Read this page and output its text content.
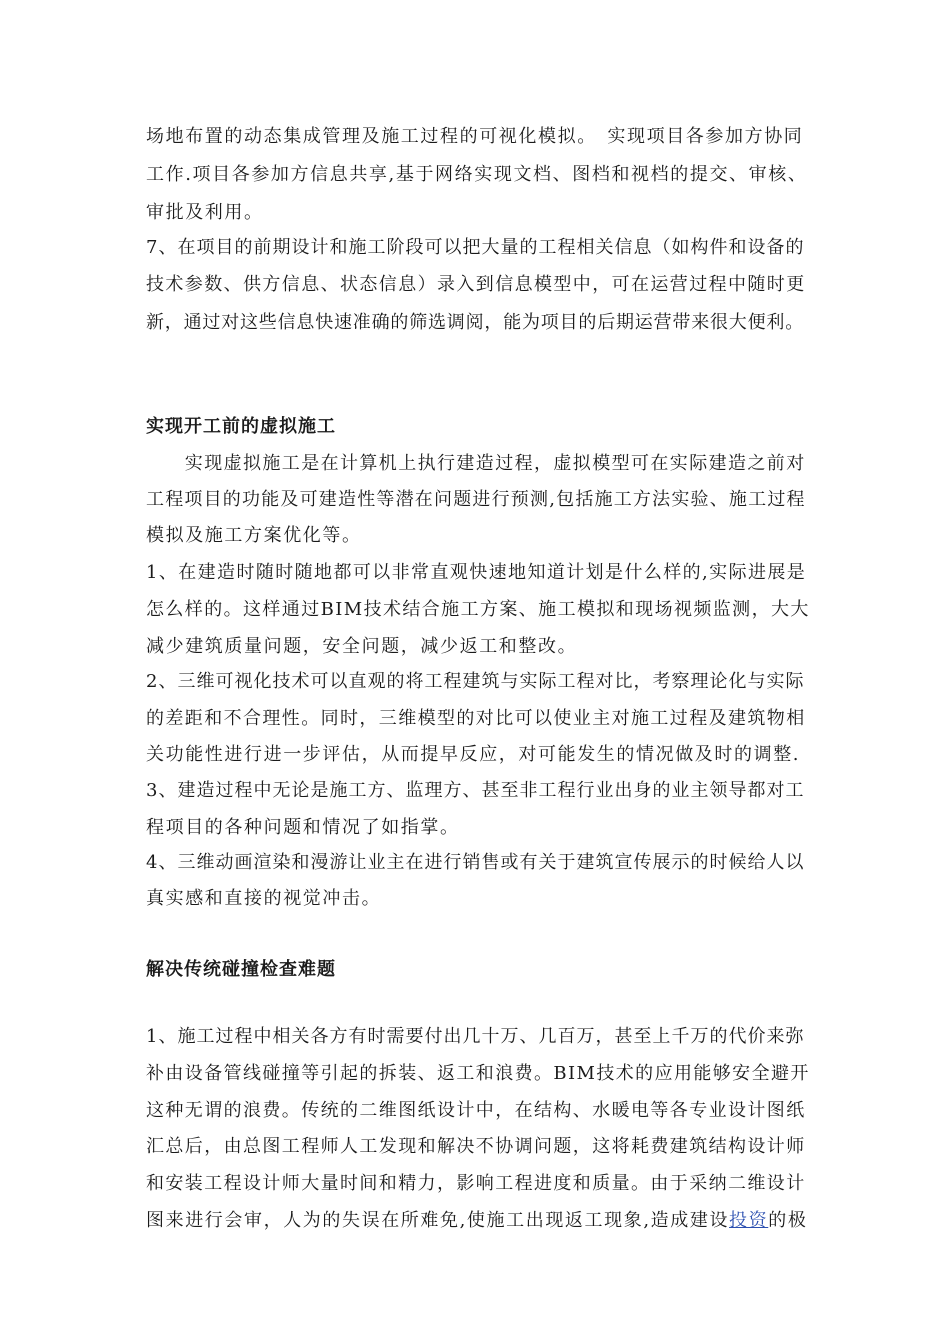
场地布置的动态集成管理及施工过程的可视化模拟。　实现项目各参加方协同
工作.项目各参加方信息共享,基于网络实现文档、图档和视档的提交、审核、
审批及利用。
7、在项目的前期设计和施工阶段可以把大量的工程相关信息（如构件和设备的
技术参数、供方信息、状态信息）录入到信息模型中，可在运营过程中随时更
新，通过对这些信息快速准确的筛选调阅，能为项目的后期运营带来很大便利。
实现开工前的虚拟施工
　　实现虚拟施工是在计算机上执行建造过程，虚拟模型可在实际建造之前对
工程项目的功能及可建造性等潜在问题进行预测,包括施工方法实验、施工过程
模拟及施工方案优化等。
1、在建造时随时随地都可以非常直观快速地知道计划是什么样的,实际进展是
怎么样的。这样通过BIM技术结合施工方案、施工模拟和现场视频监测，大大
减少建筑质量问题，安全问题，减少返工和整改。
2、三维可视化技术可以直观的将工程建筑与实际工程对比，考察理论化与实际
的差距和不合理性。同时，三维模型的对比可以使业主对施工过程及建筑物相
关功能性进行进一步评估，从而提早反应，对可能发生的情况做及时的调整.
3、建造过程中无论是施工方、监理方、甚至非工程行业出身的业主领导都对工
程项目的各种问题和情况了如指掌。
4、三维动画渲染和漫游让业主在进行销售或有关于建筑宣传展示的时候给人以
真实感和直接的视觉冲击。
解决传统碰撞检查难题
1、施工过程中相关各方有时需要付出几十万、几百万，甚至上千万的代价来弥
补由设备管线碰撞等引起的拆装、返工和浪费。BIM技术的应用能够安全避开
这种无谓的浪费。传统的二维图纸设计中，在结构、水暖电等各专业设计图纸
汇总后，由总图工程师人工发现和解决不协调问题，这将耗费建筑结构设计师
和安装工程设计师大量时间和精力，影响工程进度和质量。由于采纳二维设计
图来进行会审，人为的失误在所难免,使施工出现返工现象,造成建设投资的极
